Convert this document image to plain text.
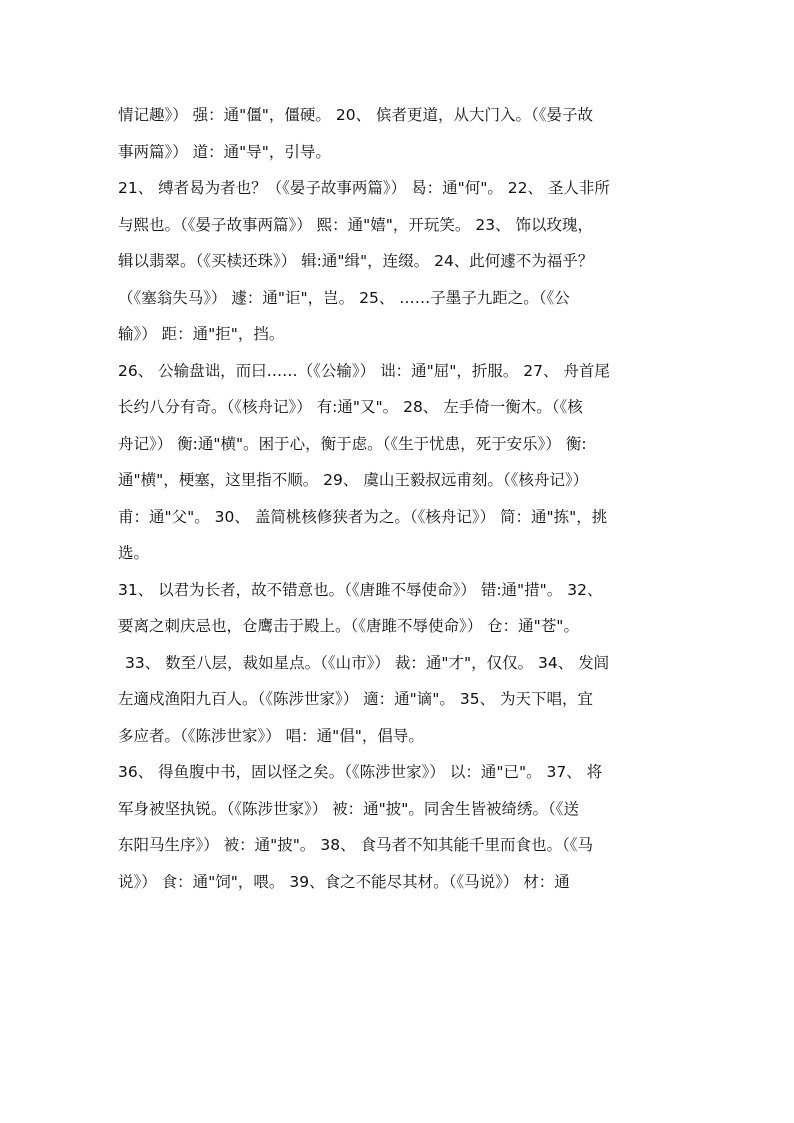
情记趣》） 强：通"僵"，僵硬。 20、 傧者更道，从大门入。（《晏子故
事两篇》） 道：通"导"，引导。
21、 缚者曷为者也？（《晏子故事两篇》） 曷：通"何"。 22、 圣人非所
与熙也。（《晏子故事两篇》） 熙：通"嬉"，开玩笑。 23、 饰以玫瑰，
辑以翡翠。（《买椟还珠》） 辑:通"缉"，连缀。 24、此何遽不为福乎？
（《塞翁失马》） 遽：通"讵"，岂。 25、 ……子墨子九距之。（《公
输》） 距：通"拒"，挡。
26、 公输盘诎，而曰……（《公输》） 诎：通"屈"，折服。 27、 舟首尾
长约八分有奇。（《核舟记》） 有:通"又"。 28、 左手倚一衡木。（《核
舟记》） 衡:通"横"。困于心，衡于虑。（《生于忧患，死于安乐》） 衡:
通"横"，梗塞，这里指不顺。 29、 虞山王毅叔远甫刻。（《核舟记》）
甫：通"父"。 30、 盖简桃核修狭者为之。（《核舟记》） 简：通"拣"，挑
选。
31、 以君为长者，故不错意也。（《唐雎不辱使命》） 错:通"措"。 32、
要离之刺庆忌也，仓鹰击于殿上。（《唐雎不辱使命》） 仓：通"苍"。
33、 数至八层，裁如星点。（《山市》） 裁：通"才"，仅仅。 34、 发闾
左適戍渔阳九百人。（《陈涉世家》） 適：通"谪"。 35、 为天下唱，宜
多应者。（《陈涉世家》） 唱：通"倡"，倡导。
36、 得鱼腹中书，固以怪之矣。（《陈涉世家》） 以：通"已"。 37、 将
军身被坚执锐。（《陈涉世家》） 被：通"披"。同舍生皆被绮绣。（《送
东阳马生序》） 被：通"披"。 38、 食马者不知其能千里而食也。（《马
说》） 食：通"饲"，喂。 39、食之不能尽其材。（《马说》） 材：通
